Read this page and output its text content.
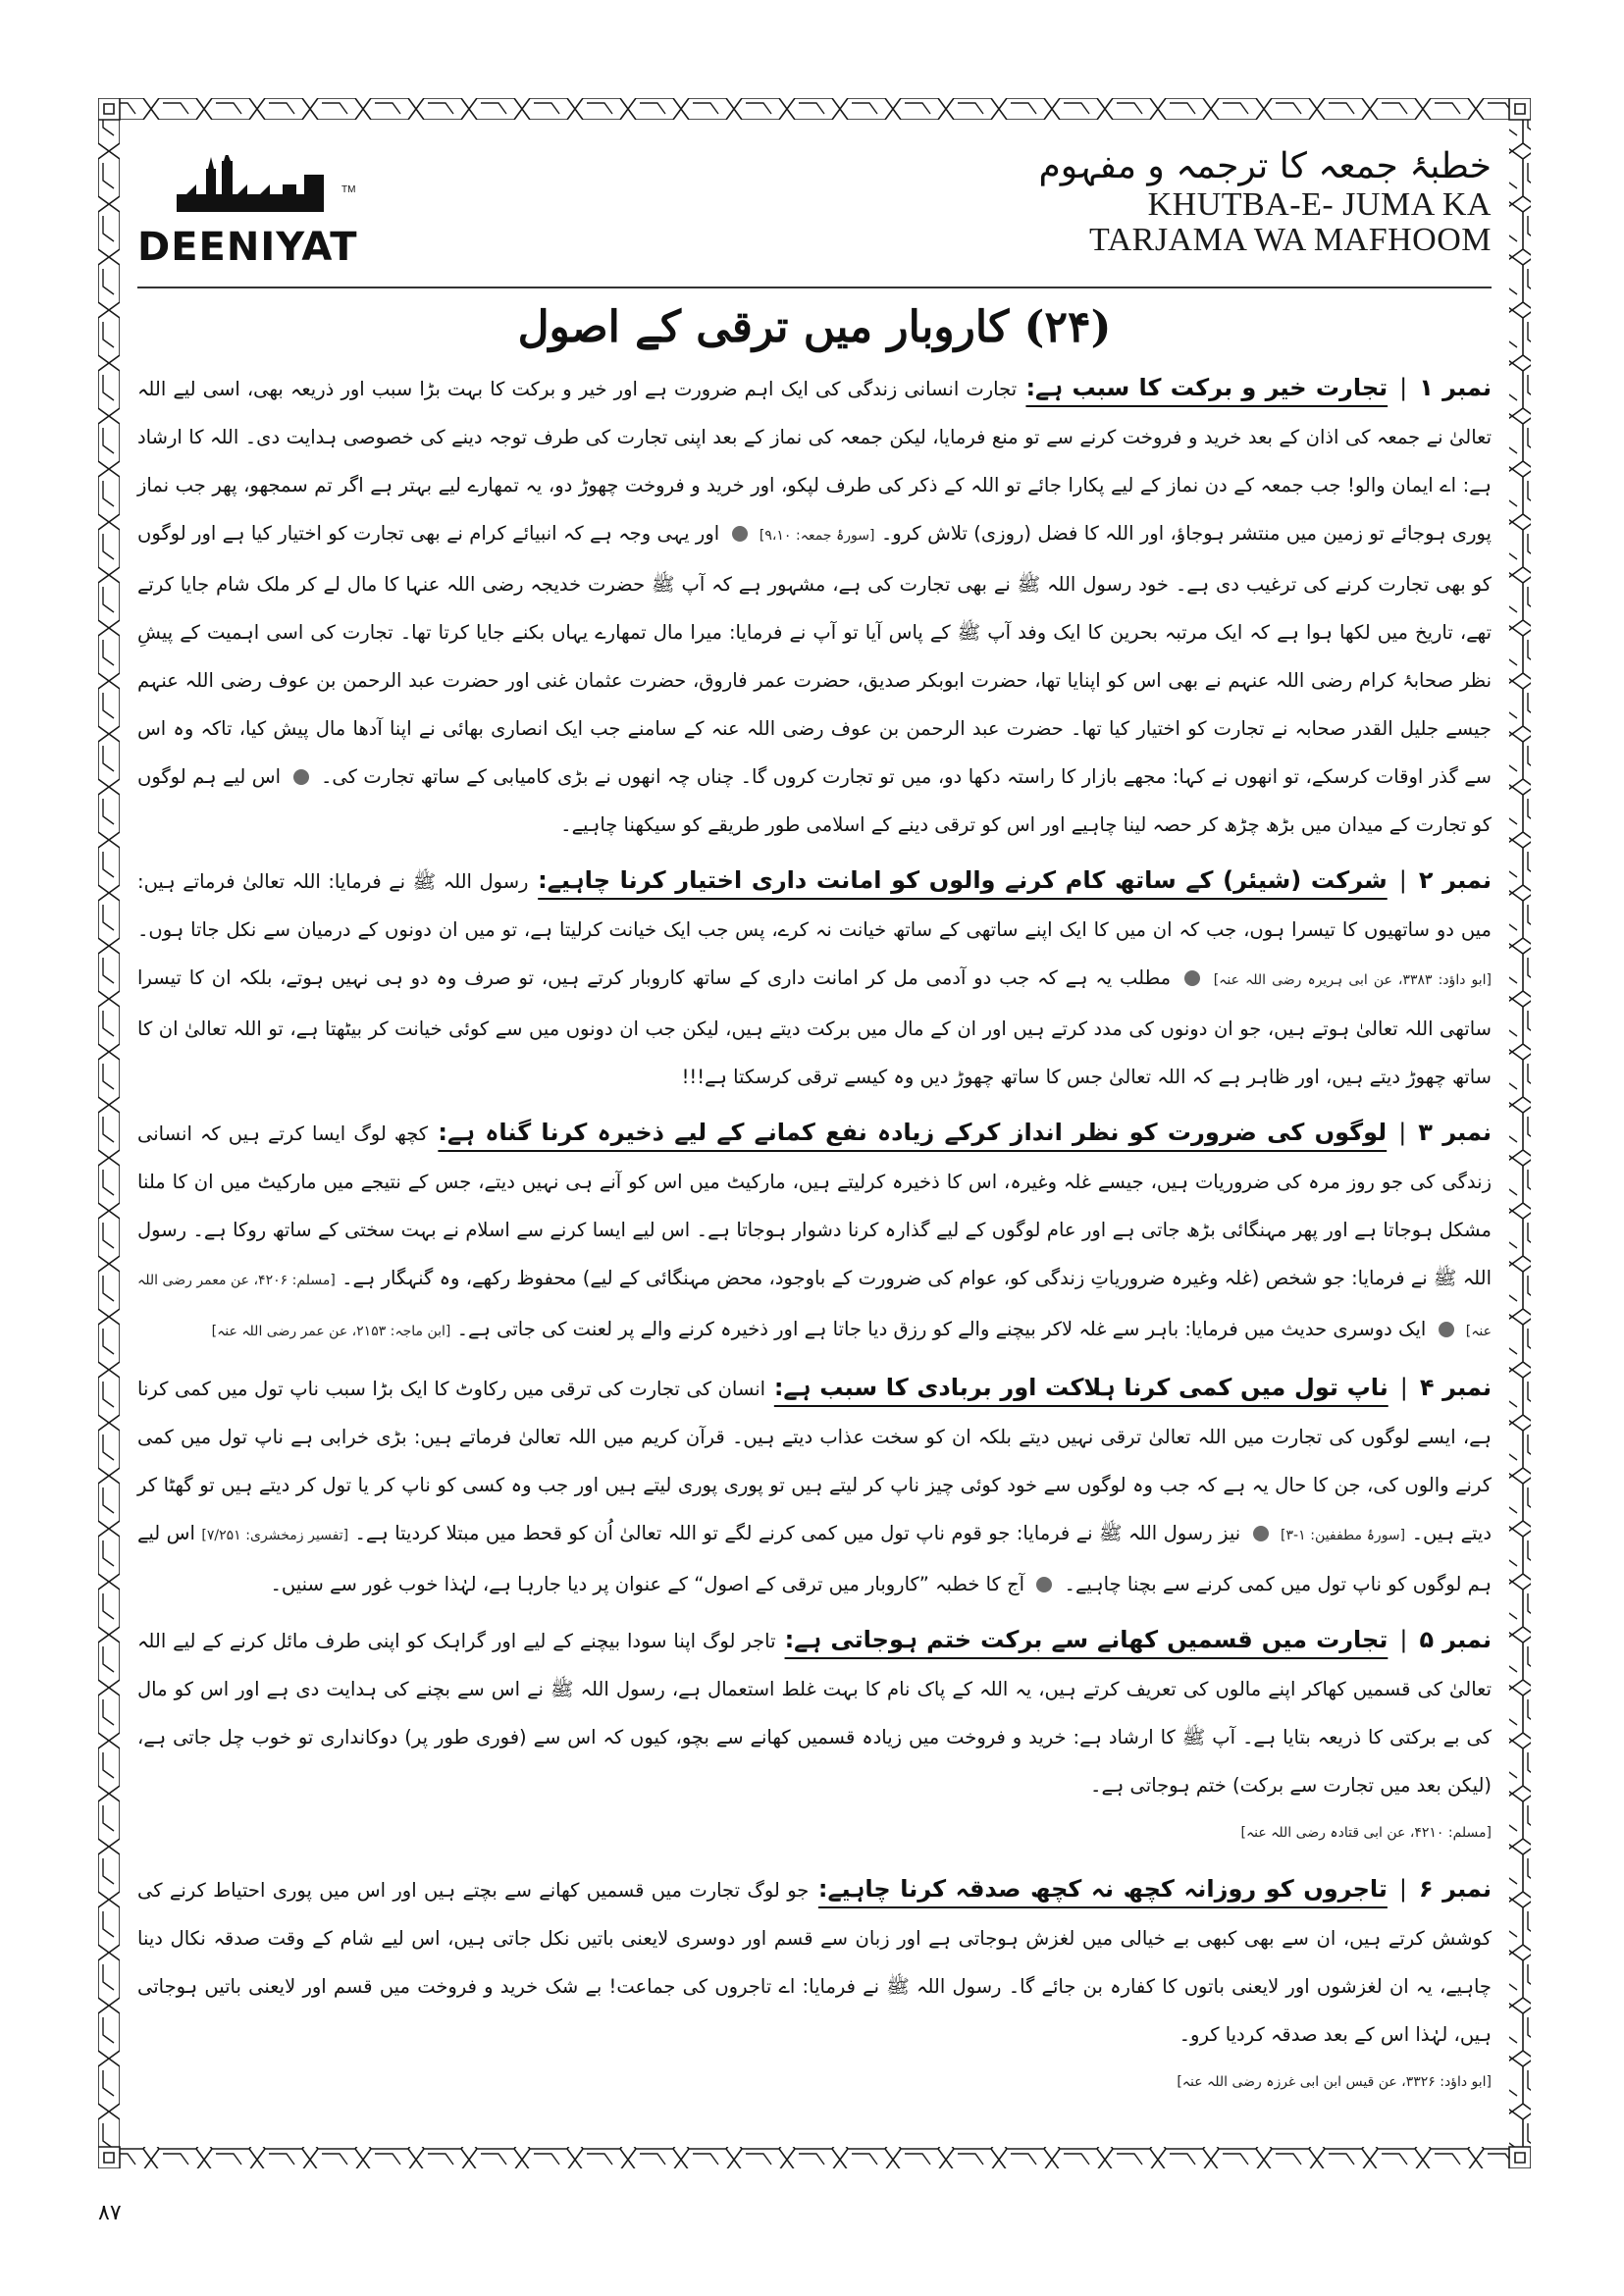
TM
DEENIYAT
خطبۂ جمعہ کا ترجمہ و مفہوم
KHUTBA-E- JUMA KA
TARJAMA WA MAFHOOM
(۲۴) کاروبار میں ترقی کے اصول
نمبر ۱|تجارت خیر و برکت کا سبب ہے: تجارت انسانی زندگی کی ایک اہم ضرورت ہے اور خیر و برکت کا بہت بڑا سبب اور ذریعہ بھی، اسی لیے اللہ تعالیٰ نے جمعہ کی اذان کے بعد خرید و فروخت کرنے سے تو منع فرمایا، لیکن جمعہ کی نماز کے بعد اپنی تجارت کی طرف توجہ دینے کی خصوصی ہدایت دی۔ اللہ کا ارشاد ہے: اے ایمان والو! جب جمعہ کے دن نماز کے لیے پکارا جائے تو اللہ کے ذکر کی طرف لپکو، اور خرید و فروخت چھوڑ دو، یہ تمھارے لیے بہتر ہے اگر تم سمجھو، پھر جب نماز پوری ہوجائے تو زمین میں منتشر ہوجاؤ، اور اللہ کا فضل (روزی) تلاش کرو۔ [سورۂ جمعہ: ۹،۱۰]  اور یہی وجہ ہے کہ انبیائے کرام نے بھی تجارت کو اختیار کیا ہے اور لوگوں کو بھی تجارت کرنے کی ترغیب دی ہے۔ خود رسول اللہ ﷺ نے بھی تجارت کی ہے، مشہور ہے کہ آپ ﷺ حضرت خدیجہ رضی اللہ عنہا کا مال لے کر ملک شام جایا کرتے تھے، تاریخ میں لکھا ہوا ہے کہ ایک مرتبہ بحرین کا ایک وفد آپ ﷺ کے پاس آیا تو آپ نے فرمایا: میرا مال تمھارے یہاں بکنے جایا کرتا تھا۔ تجارت کی اسی اہمیت کے پیشِ نظر صحابۂ کرام رضی اللہ عنہم نے بھی اس کو اپنایا تھا، حضرت ابوبکر صدیق، حضرت عمر فاروق، حضرت عثمان غنی اور حضرت عبد الرحمن بن عوف رضی اللہ عنہم جیسے جلیل القدر صحابہ نے تجارت کو اختیار کیا تھا۔ حضرت عبد الرحمن بن عوف رضی اللہ عنہ کے سامنے جب ایک انصاری بھائی نے اپنا آدھا مال پیش کیا، تاکہ وہ اس سے گذر اوقات کرسکے، تو انھوں نے کہا: مجھے بازار کا راستہ دکھا دو، میں تو تجارت کروں گا۔ چناں چہ انھوں نے بڑی کامیابی کے ساتھ تجارت کی۔  اس لیے ہم لوگوں کو تجارت کے میدان میں بڑھ چڑھ کر حصہ لینا چاہیے اور اس کو ترقی دینے کے اسلامی طور طریقے کو سیکھنا چاہیے۔
نمبر ۲|شرکت (شیئر) کے ساتھ کام کرنے والوں کو امانت داری اختیار کرنا چاہیے: رسول اللہ ﷺ نے فرمایا: اللہ تعالیٰ فرماتے ہیں: میں دو ساتھیوں کا تیسرا ہوں، جب کہ ان میں کا ایک اپنے ساتھی کے ساتھ خیانت نہ کرے، پس جب ایک خیانت کرلیتا ہے، تو میں ان دونوں کے درمیان سے نکل جاتا ہوں۔ [ابو داؤد: ۳۳۸۳، عن ابی ہریرہ رضی اللہ عنہ]  مطلب یہ ہے کہ جب دو آدمی مل کر امانت داری کے ساتھ کاروبار کرتے ہیں، تو صرف وہ دو ہی نہیں ہوتے، بلکہ ان کا تیسرا ساتھی اللہ تعالیٰ ہوتے ہیں، جو ان دونوں کی مدد کرتے ہیں اور ان کے مال میں برکت دیتے ہیں، لیکن جب ان دونوں میں سے کوئی خیانت کر بیٹھتا ہے، تو اللہ تعالیٰ ان کا ساتھ چھوڑ دیتے ہیں، اور ظاہر ہے کہ اللہ تعالیٰ جس کا ساتھ چھوڑ دیں وہ کیسے ترقی کرسکتا ہے!!!
نمبر ۳|لوگوں کی ضرورت کو نظر انداز کرکے زیادہ نفع کمانے کے لیے ذخیرہ کرنا گناہ ہے: کچھ لوگ ایسا کرتے ہیں کہ انسانی زندگی کی جو روز مرہ کی ضروریات ہیں، جیسے غلہ وغیرہ، اس کا ذخیرہ کرلیتے ہیں، مارکیٹ میں اس کو آنے ہی نہیں دیتے، جس کے نتیجے میں مارکیٹ میں ان کا ملنا مشکل ہوجاتا ہے اور پھر مہنگائی بڑھ جاتی ہے اور عام لوگوں کے لیے گذارہ کرنا دشوار ہوجاتا ہے۔ اس لیے ایسا کرنے سے اسلام نے بہت سختی کے ساتھ روکا ہے۔ رسول اللہ ﷺ نے فرمایا: جو شخص (غلہ وغیرہ ضروریاتِ زندگی کو، عوام کی ضرورت کے باوجود، محض مہنگائی کے لیے) محفوظ رکھے، وہ گنہگار ہے۔ [مسلم: ۴۲۰۶، عن معمر رضی اللہ عنہ]  ایک دوسری حدیث میں فرمایا: باہر سے غلہ لاکر بیچنے والے کو رزق دیا جاتا ہے اور ذخیرہ کرنے والے پر لعنت کی جاتی ہے۔ [ابن ماجہ: ۲۱۵۳، عن عمر رضی اللہ عنہ]
نمبر ۴|ناپ تول میں کمی کرنا ہلاکت اور بربادی کا سبب ہے: انسان کی تجارت کی ترقی میں رکاوٹ کا ایک بڑا سبب ناپ تول میں کمی کرنا ہے، ایسے لوگوں کی تجارت میں اللہ تعالیٰ ترقی نہیں دیتے بلکہ ان کو سخت عذاب دیتے ہیں۔ قرآن کریم میں اللہ تعالیٰ فرماتے ہیں: بڑی خرابی ہے ناپ تول میں کمی کرنے والوں کی، جن کا حال یہ ہے کہ جب وہ لوگوں سے خود کوئی چیز ناپ کر لیتے ہیں تو پوری پوری لیتے ہیں اور جب وہ کسی کو ناپ کر یا تول کر دیتے ہیں تو گھٹا کر دیتے ہیں۔ [سورۂ مطففین: ۱-۳]  نیز رسول اللہ ﷺ نے فرمایا: جو قوم ناپ تول میں کمی کرنے لگے تو اللہ تعالیٰ اُن کو قحط میں مبتلا کردیتا ہے۔ [تفسیر زمخشری: ۷/۲۵۱] اس لیے ہم لوگوں کو ناپ تول میں کمی کرنے سے بچنا چاہیے۔  آج کا خطبہ ”کاروبار میں ترقی کے اصول“ کے عنوان پر دیا جارہا ہے، لہٰذا خوب غور سے سنیں۔
نمبر ۵|تجارت میں قسمیں کھانے سے برکت ختم ہوجاتی ہے: تاجر لوگ اپنا سودا بیچنے کے لیے اور گراہک کو اپنی طرف مائل کرنے کے لیے اللہ تعالیٰ کی قسمیں کھاکر اپنے مالوں کی تعریف کرتے ہیں، یہ اللہ کے پاک نام کا بہت غلط استعمال ہے، رسول اللہ ﷺ نے اس سے بچنے کی ہدایت دی ہے اور اس کو مال کی بے برکتی کا ذریعہ بتایا ہے۔ آپ ﷺ کا ارشاد ہے: خرید و فروخت میں زیادہ قسمیں کھانے سے بچو، کیوں کہ اس سے (فوری طور پر) دوکانداری تو خوب چل جاتی ہے، (لیکن بعد میں تجارت سے برکت) ختم ہوجاتی ہے۔
[مسلم: ۴۲۱۰، عن ابی قتادہ رضی اللہ عنہ]
نمبر ۶|تاجروں کو روزانہ کچھ نہ کچھ صدقہ کرنا چاہیے: جو لوگ تجارت میں قسمیں کھانے سے بچتے ہیں اور اس میں پوری احتیاط کرنے کی کوشش کرتے ہیں، ان سے بھی کبھی بے خیالی میں لغزش ہوجاتی ہے اور زبان سے قسم اور دوسری لایعنی باتیں نکل جاتی ہیں، اس لیے شام کے وقت صدقہ نکال دینا چاہیے، یہ ان لغزشوں اور لایعنی باتوں کا کفارہ بن جائے گا۔ رسول اللہ ﷺ نے فرمایا: اے تاجروں کی جماعت! بے شک خرید و فروخت میں قسم اور لایعنی باتیں ہوجاتی ہیں، لہٰذا اس کے بعد صدقہ کردیا کرو۔
[ابو داؤد: ۳۳۲۶، عن قیس ابن ابی غرزہ رضی اللہ عنہ]
۸۷
